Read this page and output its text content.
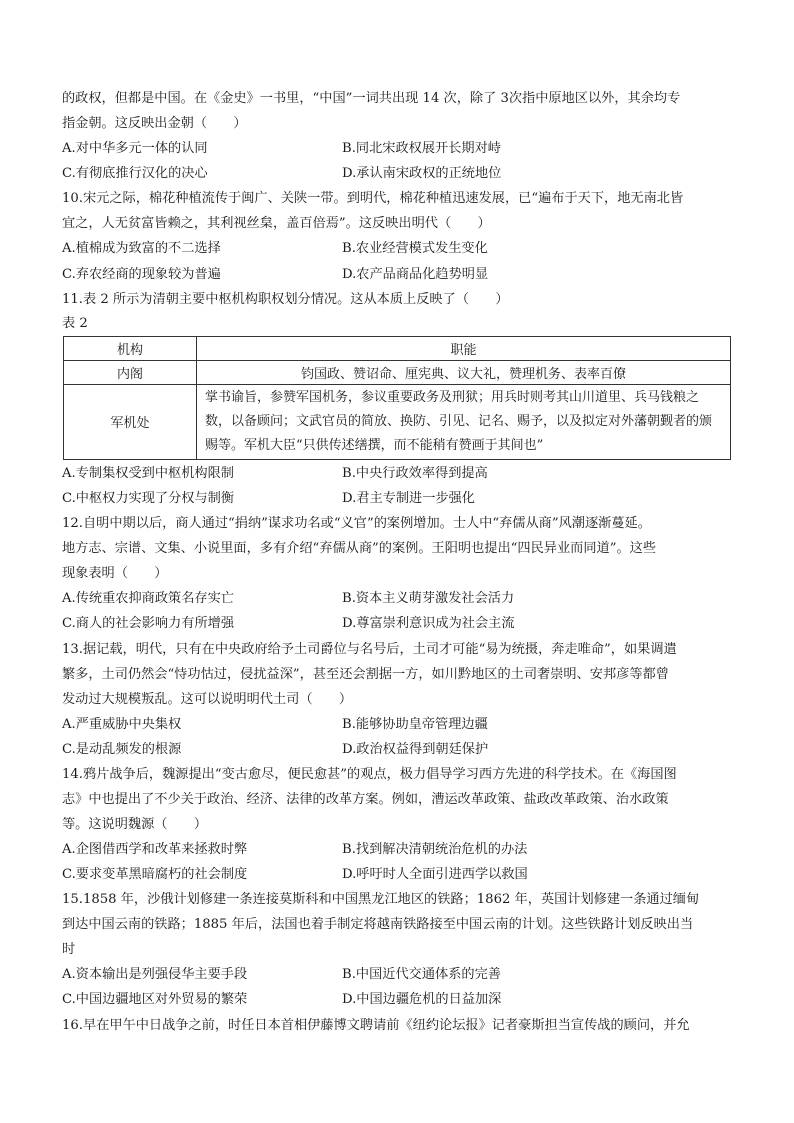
的政权，但都是中国。在《金史》一书里，“中国”一词共出现 14 次，除了 3次指中原地区以外，其余均专
指金朝。这反映出金朝（　　）
A.对中华多元一体的认同	B.同北宋政权展开长期对峙
C.有彻底推行汉化的决心	D.承认南宋政权的正统地位
10.宋元之际，棉花种植流传于闽广、关陕一带。到明代，棉花种植迅速发展，已“遍布于天下，地无南北皆
宜之，人无贫富皆赖之，其利视丝枲，盖百倍焉”。这反映出明代（　　）
A.植棉成为致富的不二选择	B.农业经营模式发生变化
C.弃农经商的现象较为普遍	D.农产品商品化趋势明显
11.表 2 所示为清朝主要中枢机构职权划分情况。这从本质上反映了（　　）
表 2
机构	职能
内阁	钧国政、赞诏命、厘宪典、议大礼，赞理机务、表率百僚
军机处	掌书谕旨，参赞军国机务，参议重要政务及刑狱；用兵时则考其山川道里、兵马钱粮之数，以备顾问；文武官员的简放、换防、引见、记名、赐予，以及拟定对外藩朝觐者的颁赐等。军机大臣“只供传述缮撰，而不能稍有赞画于其间也”
A.专制集权受到中枢机构限制	B.中央行政效率得到提高
C.中枢权力实现了分权与制衡	D.君主专制进一步强化
12.自明中期以后，商人通过“捐纳”谋求功名或“义官”的案例增加。士人中“弃儒从商”风潮逐渐蔓延。
地方志、宗谱、文集、小说里面，多有介绍“弃儒从商”的案例。王阳明也提出“四民异业而同道”。这些
现象表明（　　）
A.传统重农抑商政策名存实亡	B.资本主义萌芽激发社会活力
C.商人的社会影响力有所增强	D.尊富崇利意识成为社会主流
13.据记载，明代，只有在中央政府给予土司爵位与名号后，土司才可能“易为统摄，奔走唯命”，如果调遣
繁多，土司仍然会“恃功怙过，侵扰益深”，甚至还会割据一方，如川黔地区的土司奢崇明、安邦彦等都曾
发动过大规模叛乱。这可以说明明代土司（　　）
A.严重威胁中央集权	B.能够协助皇帝管理边疆
C.是动乱频发的根源	D.政治权益得到朝廷保护
14.鸦片战争后，魏源提出“变古愈尽，便民愈甚”的观点，极力倡导学习西方先进的科学技术。在《海国图
志》中也提出了不少关于政治、经济、法律的改革方案。例如，漕运改革政策、盐政改革政策、治水政策
等。这说明魏源（　　）
A.企图借西学和改革来拯救时弊	B.找到解决清朝统治危机的办法
C.要求变革黑暗腐朽的社会制度	D.呼吁时人全面引进西学以救国
15.1858 年，沙俄计划修建一条连接莫斯科和中国黑龙江地区的铁路；1862 年，英国计划修建一条通过缅甸
到达中国云南的铁路；1885 年后，法国也着手制定将越南铁路接至中国云南的计划。这些铁路计划反映出当
时
A.资本输出是列强侵华主要手段	B.中国近代交通体系的完善
C.中国边疆地区对外贸易的繁荣	D.中国边疆危机的日益加深
16.早在甲午中日战争之前，时任日本首相伊藤博文聘请前《纽约论坛报》记者豪斯担当宣传战的顾问，并允
